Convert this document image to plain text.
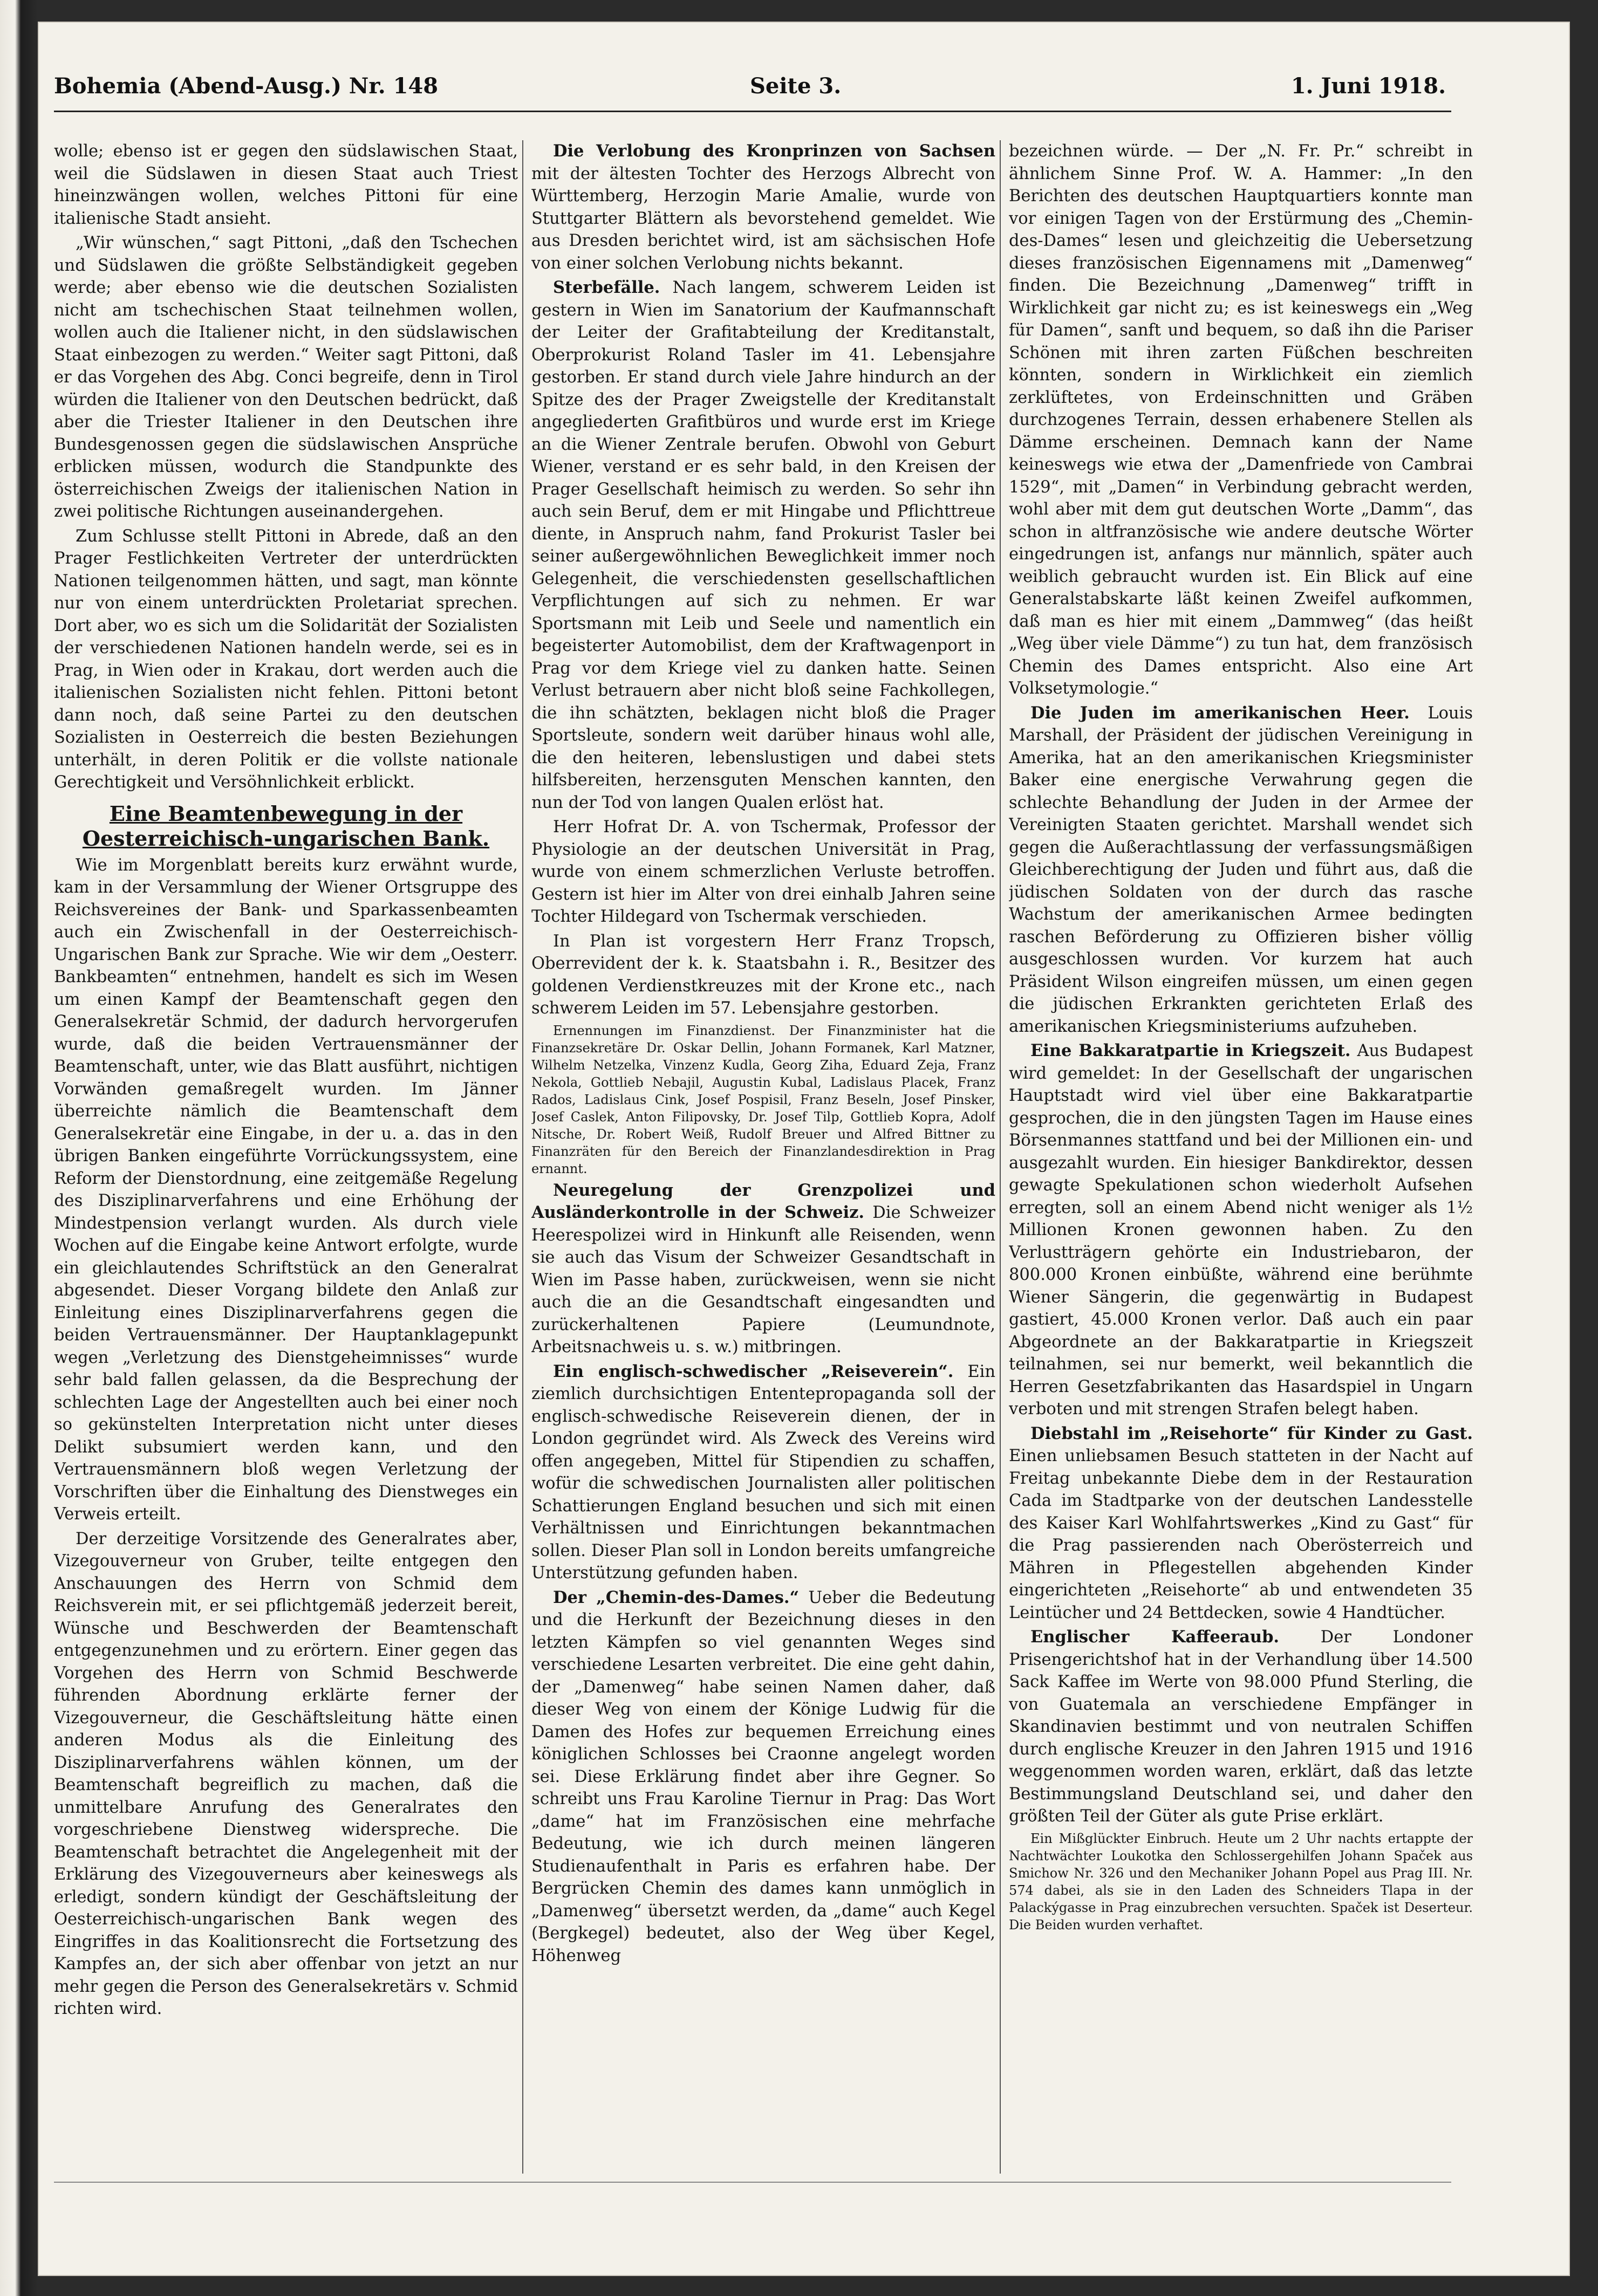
Bohemia (Abend-Ausg.) Nr. 148	Seite 3.	1. Juni 1918.

wolle; ebenso ist er gegen den südslawischen Staat, weil die Südslawen in diesen Staat auch Triest hineinzwängen wollen, welches Pittoni für eine italienische Stadt ansieht.

„Wir wünschen,“ sagt Pittoni, „daß den Tschechen und Südslawen die größte Selbständigkeit gegeben werde; aber ebenso wie die deutschen Sozialisten nicht am tschechischen Staat teilnehmen wollen, wollen auch die Italiener nicht, in den südslawischen Staat einbezogen zu werden.“ Weiter sagt Pittoni, daß er das Vorgehen des Abg. Conci begreife, denn in Tirol würden die Italiener von den Deutschen bedrückt, daß aber die Triester Italiener in den Deutschen ihre Bundesgenossen gegen die südslawischen Ansprüche erblicken müssen, wodurch die Standpunkte des österreichischen Zweigs der italienischen Nation in zwei politische Richtungen auseinandergehen.

Zum Schlusse stellt Pittoni in Abrede, daß an den Prager Festlichkeiten Vertreter der unterdrückten Nationen teilgenommen hätten, und sagt, man könnte nur von einem unterdrückten Proletariat sprechen. Dort aber, wo es sich um die Solidarität der Sozialisten der verschiedenen Nationen handeln werde, sei es in Prag, in Wien oder in Krakau, dort werden auch die italienischen Sozialisten nicht fehlen. Pittoni betont dann noch, daß seine Partei zu den deutschen Sozialisten in Oesterreich die besten Beziehungen unterhält, in deren Politik er die vollste nationale Gerechtigkeit und Versöhnlichkeit erblickt.

Eine Beamtenbewegung in der Oesterreichisch-ungarischen Bank.

Wie im Morgenblatt bereits kurz erwähnt wurde, kam in der Versammlung der Wiener Ortsgruppe des Reichsvereines der Bank- und Sparkassenbeamten auch ein Zwischenfall in der Oesterreichisch-Ungarischen Bank zur Sprache. Wie wir dem „Oesterr. Bankbeamten“ entnehmen, handelt es sich im Wesen um einen Kampf der Beamtenschaft gegen den Generalsekretär Schmid, der dadurch hervorgerufen wurde, daß die beiden Vertrauensmänner der Beamtenschaft, unter, wie das Blatt ausführt, nichtigen Vorwänden gemaßregelt wurden. Im Jänner überreichte nämlich die Beamtenschaft dem Generalsekretär eine Eingabe, in der u. a. das in den übrigen Banken eingeführte Vorrückungssystem, eine Reform der Dienstordnung, eine zeitgemäße Regelung des Disziplinarverfahrens und eine Erhöhung der Mindestpension verlangt wurden. Als durch viele Wochen auf die Eingabe keine Antwort erfolgte, wurde ein gleichlautendes Schriftstück an den Generalrat abgesendet. Dieser Vorgang bildete den Anlaß zur Einleitung eines Disziplinarverfahrens gegen die beiden Vertrauensmänner. Der Hauptanklagepunkt wegen „Verletzung des Dienstgeheimnisses“ wurde sehr bald fallen gelassen, da die Besprechung der schlechten Lage der Angestellten auch bei einer noch so gekünstelten Interpretation nicht unter dieses Delikt subsumiert werden kann, und den Vertrauensmännern bloß wegen Verletzung der Vorschriften über die Einhaltung des Dienstweges ein Verweis erteilt.

Der derzeitige Vorsitzende des Generalrates aber, Vizegouverneur von Gruber, teilte entgegen den Anschauungen des Herrn von Schmid dem Reichsverein mit, er sei pflichtgemäß jederzeit bereit, Wünsche und Beschwerden der Beamtenschaft entgegenzunehmen und zu erörtern. Einer gegen das Vorgehen des Herrn von Schmid Beschwerde führenden Abordnung erklärte ferner der Vizegouverneur, die Geschäftsleitung hätte einen anderen Modus als die Einleitung des Disziplinarverfahrens wählen können, um der Beamtenschaft begreiflich zu machen, daß die unmittelbare Anrufung des Generalrates den vorgeschriebene Dienstweg widerspreche. Die Beamtenschaft betrachtet die Angelegenheit mit der Erklärung des Vizegouverneurs aber keineswegs als erledigt, sondern kündigt der Geschäftsleitung der Oesterreichisch-ungarischen Bank wegen des Eingriffes in das Koalitionsrecht die Fortsetzung des Kampfes an, der sich aber offenbar von jetzt an nur mehr gegen die Person des Generalsekretärs v. Schmid richten wird.

Die Verlobung des Kronprinzen von Sachsen mit der ältesten Tochter des Herzogs Albrecht von Württemberg, Herzogin Marie Amalie, wurde von Stuttgarter Blättern als bevorstehend gemeldet. Wie aus Dresden berichtet wird, ist am sächsischen Hofe von einer solchen Verlobung nichts bekannt.

Sterbefälle. Nach langem, schwerem Leiden ist gestern in Wien im Sanatorium der Kaufmannschaft der Leiter der Grafitabteilung der Kreditanstalt, Oberprokurist Roland Tasler im 41. Lebensjahre gestorben. Er stand durch viele Jahre hindurch an der Spitze des der Prager Zweigstelle der Kreditanstalt angegliederten Grafitbüros und wurde erst im Kriege an die Wiener Zentrale berufen. Obwohl von Geburt Wiener, verstand er es sehr bald, in den Kreisen der Prager Gesellschaft heimisch zu werden. So sehr ihn auch sein Beruf, dem er mit Hingabe und Pflichttreue diente, in Anspruch nahm, fand Prokurist Tasler bei seiner außergewöhnlichen Beweglichkeit immer noch Gelegenheit, die verschiedensten gesellschaftlichen Verpflichtungen auf sich zu nehmen. Er war Sportsmann mit Leib und Seele und namentlich ein begeisterter Automobilist, dem der Kraftwagenport in Prag vor dem Kriege viel zu danken hatte. Seinen Verlust betrauern aber nicht bloß seine Fachkollegen, die ihn schätzten, beklagen nicht bloß die Prager Sportsleute, sondern weit darüber hinaus wohl alle, die den heiteren, lebenslustigen und dabei stets hilfsbereiten, herzensguten Menschen kannten, den nun der Tod von langen Qualen erlöst hat.

Herr Hofrat Dr. A. von Tschermak, Professor der Physiologie an der deutschen Universität in Prag, wurde von einem schmerzlichen Verluste betroffen. Gestern ist hier im Alter von drei einhalb Jahren seine Tochter Hildegard von Tschermak verschieden.

In Plan ist vorgestern Herr Franz Tropsch, Oberrevident der k. k. Staatsbahn i. R., Besitzer des goldenen Verdienstkreuzes mit der Krone etc., nach schwerem Leiden im 57. Lebensjahre gestorben.

Ernennungen im Finanzdienst. Der Finanzminister hat die Finanzsekretäre Dr. Oskar Dellin, Johann Formanek, Karl Matzner, Wilhelm Netzelka, Vinzenz Kudla, Georg Ziha, Eduard Zeja, Franz Nekola, Gottlieb Nebajil, Augustin Kubal, Ladislaus Placek, Franz Rados, Ladislaus Cink, Josef Pospisil, Franz Beseln, Josef Pinsker, Josef Caslek, Anton Filipovsky, Dr. Josef Tilp, Gottlieb Kopra, Adolf Nitsche, Dr. Robert Weiß, Rudolf Breuer und Alfred Bittner zu Finanzräten für den Bereich der Finanzlandesdirektion in Prag ernannt.

Neuregelung der Grenzpolizei und Ausländerkontrolle in der Schweiz. Die Schweizer Heerespolizei wird in Hinkunft alle Reisenden, wenn sie auch das Visum der Schweizer Gesandtschaft in Wien im Passe haben, zurückweisen, wenn sie nicht auch die an die Gesandtschaft eingesandten und zurückerhaltenen Papiere (Leumundnote, Arbeitsnachweis u. s. w.) mitbringen.

Ein englisch-schwedischer „Reiseverein“. Ein ziemlich durchsichtigen Ententepropaganda soll der englisch-schwedische Reiseverein dienen, der in London gegründet wird. Als Zweck des Vereins wird offen angegeben, Mittel für Stipendien zu schaffen, wofür die schwedischen Journalisten aller politischen Schattierungen England besuchen und sich mit einen Verhältnissen und Einrichtungen bekanntmachen sollen. Dieser Plan soll in London bereits umfangreiche Unterstützung gefunden haben.

Der „Chemin-des-Dames.“ Ueber die Bedeutung und die Herkunft der Bezeichnung dieses in den letzten Kämpfen so viel genannten Weges sind verschiedene Lesarten verbreitet. Die eine geht dahin, der „Damenweg“ habe seinen Namen daher, daß dieser Weg von einem der Könige Ludwig für die Damen des Hofes zur bequemen Erreichung eines königlichen Schlosses bei Craonne angelegt worden sei. Diese Erklärung findet aber ihre Gegner. So schreibt uns Frau Karoline Tiernur in Prag: Das Wort „dame“ hat im Französischen eine mehrfache Bedeutung, wie ich durch meinen längeren Studienaufenthalt in Paris es erfahren habe. Der Bergrücken Chemin des dames kann unmöglich in „Damenweg“ übersetzt werden, da „dame“ auch Kegel (Bergkegel) bedeutet, also der Weg über Kegel, Höhenweg

bezeichnen würde. — Der „N. Fr. Pr.“ schreibt in ähnlichem Sinne Prof. W. A. Hammer: „In den Berichten des deutschen Hauptquartiers konnte man vor einigen Tagen von der Erstürmung des „Chemin-des-Dames“ lesen und gleichzeitig die Uebersetzung dieses französischen Eigennamens mit „Damenweg“ finden. Die Bezeichnung „Damenweg“ trifft in Wirklichkeit gar nicht zu; es ist keineswegs ein „Weg für Damen“, sanft und bequem, so daß ihn die Pariser Schönen mit ihren zarten Füßchen beschreiten könnten, sondern in Wirklichkeit ein ziemlich zerklüftetes, von Erdeinschnitten und Gräben durchzogenes Terrain, dessen erhabenere Stellen als Dämme erscheinen. Demnach kann der Name keineswegs wie etwa der „Damenfriede von Cambrai 1529“, mit „Damen“ in Verbindung gebracht werden, wohl aber mit dem gut deutschen Worte „Damm“, das schon in altfranzösische wie andere deutsche Wörter eingedrungen ist, anfangs nur männlich, später auch weiblich gebraucht wurden ist. Ein Blick auf eine Generalstabskarte läßt keinen Zweifel aufkommen, daß man es hier mit einem „Dammweg“ (das heißt „Weg über viele Dämme“) zu tun hat, dem französisch Chemin des Dames entspricht. Also eine Art Volksetymologie.“

Die Juden im amerikanischen Heer. Louis Marshall, der Präsident der jüdischen Vereinigung in Amerika, hat an den amerikanischen Kriegsminister Baker eine energische Verwahrung gegen die schlechte Behandlung der Juden in der Armee der Vereinigten Staaten gerichtet. Marshall wendet sich gegen die Außerachtlassung der verfassungsmäßigen Gleichberechtigung der Juden und führt aus, daß die jüdischen Soldaten von der durch das rasche Wachstum der amerikanischen Armee bedingten raschen Beförderung zu Offizieren bisher völlig ausgeschlossen wurden. Vor kurzem hat auch Präsident Wilson eingreifen müssen, um einen gegen die jüdischen Erkrankten gerichteten Erlaß des amerikanischen Kriegsministeriums aufzuheben.

Eine Bakkaratpartie in Kriegszeit. Aus Budapest wird gemeldet: In der Gesellschaft der ungarischen Hauptstadt wird viel über eine Bakkaratpartie gesprochen, die in den jüngsten Tagen im Hause eines Börsenmannes stattfand und bei der Millionen ein- und ausgezahlt wurden. Ein hiesiger Bankdirektor, dessen gewagte Spekulationen schon wiederholt Aufsehen erregten, soll an einem Abend nicht weniger als 1½ Millionen Kronen gewonnen haben. Zu den Verlustträgern gehörte ein Industriebaron, der 800.000 Kronen einbüßte, während eine berühmte Wiener Sängerin, die gegenwärtig in Budapest gastiert, 45.000 Kronen verlor. Daß auch ein paar Abgeordnete an der Bakkaratpartie in Kriegszeit teilnahmen, sei nur bemerkt, weil bekanntlich die Herren Gesetzfabrikanten das Hasardspiel in Ungarn verboten und mit strengen Strafen belegt haben.

Diebstahl im „Reisehorte“ für Kinder zu Gast. Einen unliebsamen Besuch statteten in der Nacht auf Freitag unbekannte Diebe dem in der Restauration Cada im Stadtparke von der deutschen Landesstelle des Kaiser Karl Wohlfahrtswerkes „Kind zu Gast“ für die Prag passierenden nach Oberösterreich und Mähren in Pflegestellen abgehenden Kinder eingerichteten „Reisehorte“ ab und entwendeten 35 Leintücher und 24 Bettdecken, sowie 4 Handtücher.

Englischer Kaffeeraub. Der Londoner Prisengerichtshof hat in der Verhandlung über 14.500 Sack Kaffee im Werte von 98.000 Pfund Sterling, die von Guatemala an verschiedene Empfänger in Skandinavien bestimmt und von neutralen Schiffen durch englische Kreuzer in den Jahren 1915 und 1916 weggenommen worden waren, erklärt, daß das letzte Bestimmungsland Deutschland sei, und daher den größten Teil der Güter als gute Prise erklärt.

Ein Mißglückter Einbruch. Heute um 2 Uhr nachts ertappte der Nachtwächter Loukotka den Schlossergehilfen Johann Spaček aus Smichow Nr. 326 und den Mechaniker Johann Popel aus Prag III. Nr. 574 dabei, als sie in den Laden des Schneiders Tlapa in der Palackýgasse in Prag einzubrechen versuchten. Spaček ist Deserteur. Die Beiden wurden verhaftet.
